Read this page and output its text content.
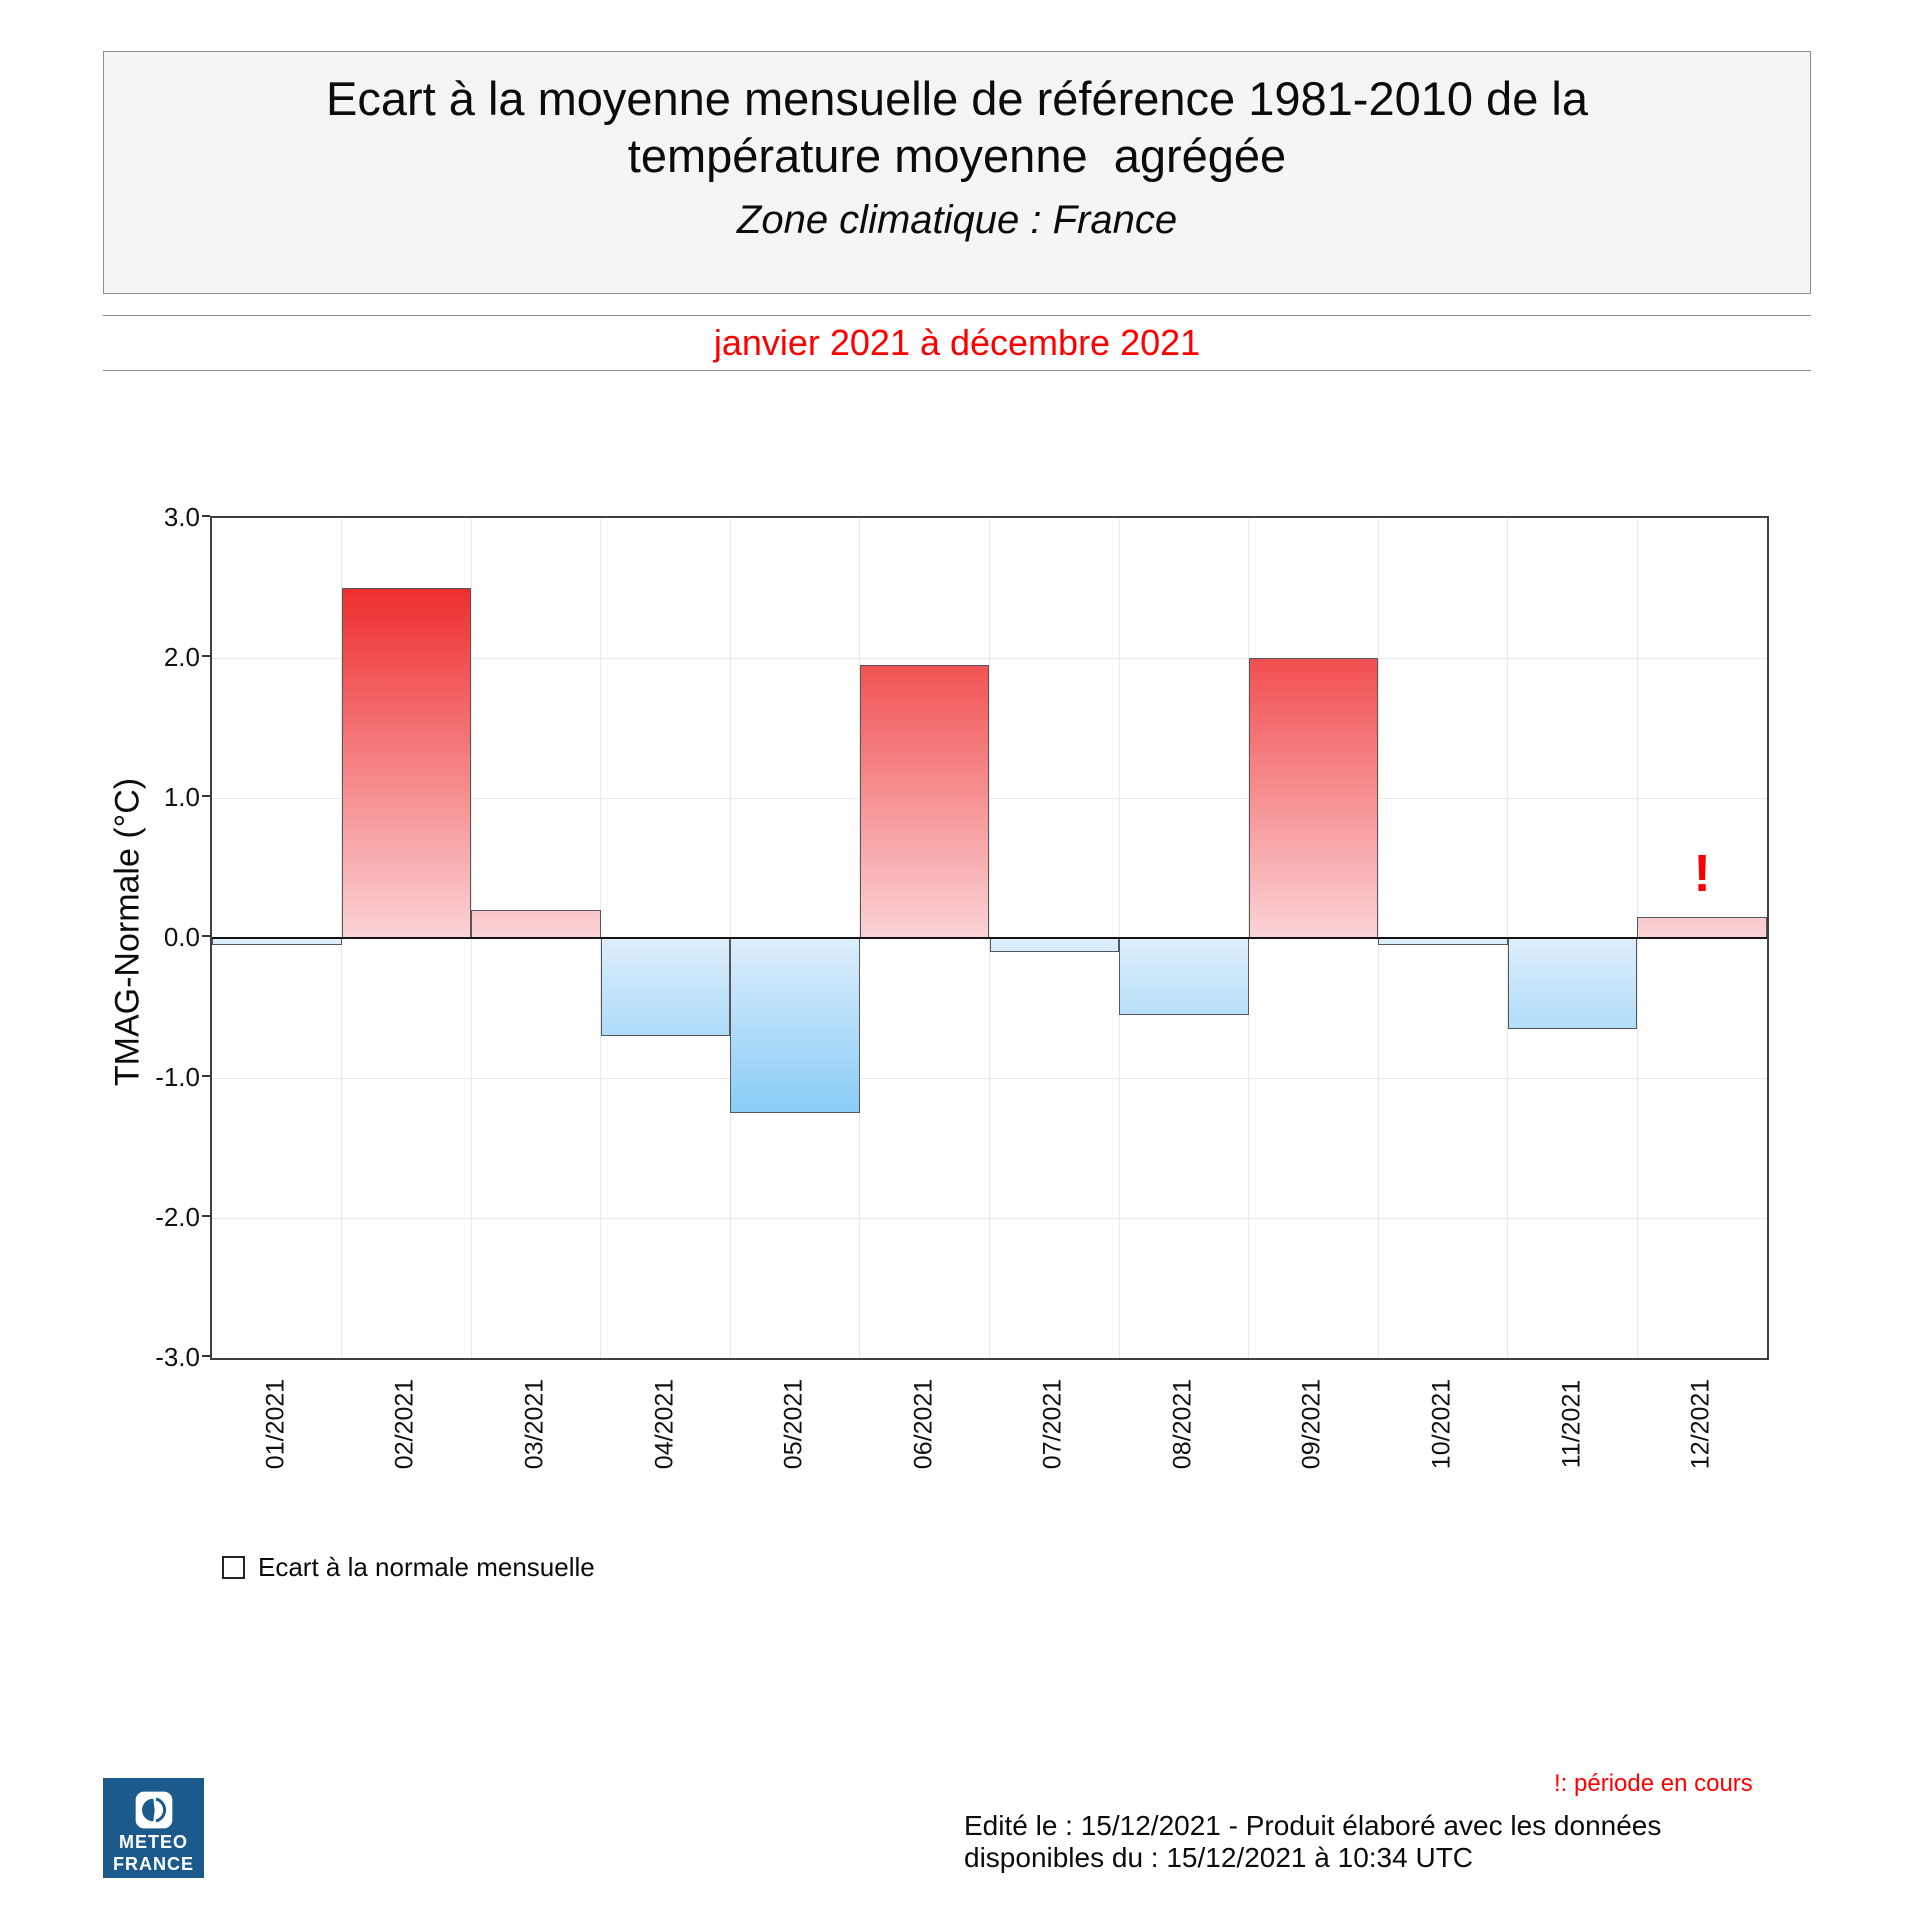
Ecart à la moyenne mensuelle de référence 1981-2010 de la
température moyenne  agrégée
Zone climatique : France
janvier 2021 à décembre 2021
TMAG-Normale (°C)
3.0
2.0
1.0
0.0
-1.0
-2.0
-3.0
!
01/2021	02/2021	03/2021	04/2021	05/2021	06/2021	07/2021	08/2021	09/2021	10/2021	11/2021	12/2021
Ecart à la normale mensuelle
METEO
FRANCE
!: période en cours
Edité le : 15/12/2021 - Produit élaboré avec les données
disponibles du : 15/12/2021 à 10:34 UTC
